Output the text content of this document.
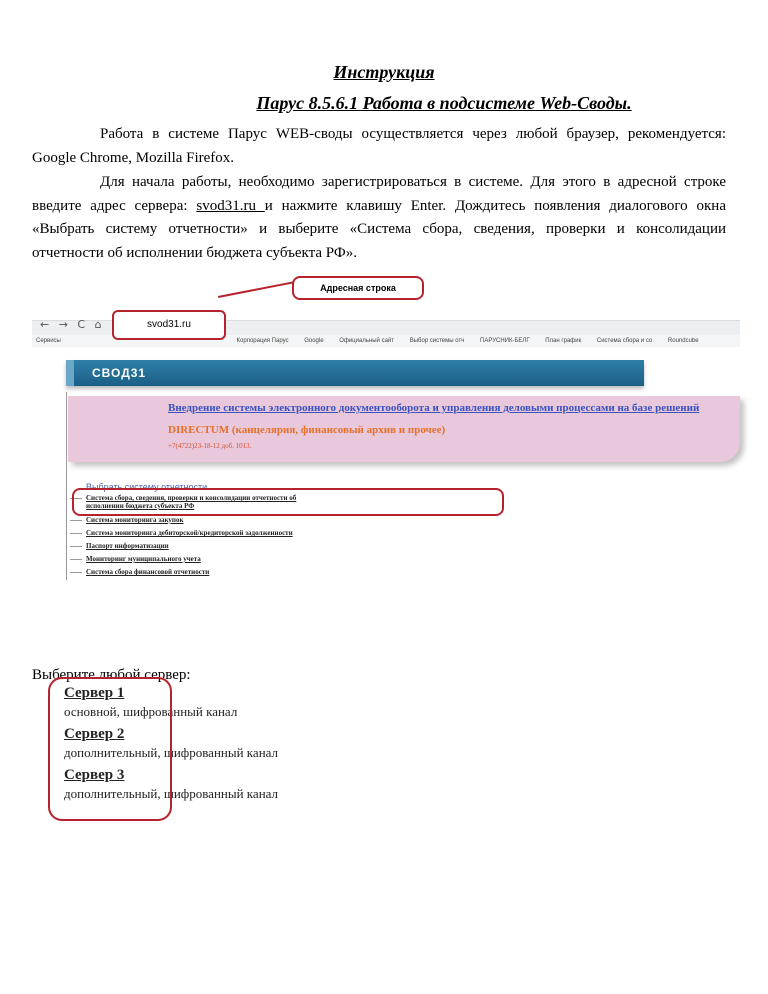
Инструкция
Парус 8.5.6.1 Работа в подсистеме Web-Своды.

Работа в системе Парус WEB-своды осуществляется через любой браузер, рекомендуется: Google Chrome, Mozilla Firefox.

Для начала работы, необходимо зарегистрироваться в системе. Для этого в адресной строке введите адрес сервера: svod31.ru и нажмите клавишу Enter. Дождитесь появления диалогового окна «Выбрать систему отчетности» и выберите «Система сбора, сведения, проверки и консолидации отчетности об исполнении бюджета субъекта РФ».

← → C ⌂
Сервисы	Корпорация Парус	Google	Официальный сайт	Выбор системы отч	ПАРУСНИК-БЕЛГ	План график	Система сбора и со	Roundcube
Адресная строка
svod31.ru
СВОД31
Внедрение системы электронного документооборота и управления деловыми процессами на базе решений
DIRECTUM (канцелярия, финансовый архив и прочее)
+7(4722)23-18-12 доб. 1013.
Выбрать систему отчетности
Система сбора, сведения, проверки и консолидации отчетности об
исполнении бюджета субъекта РФ
Система мониторинга закупок
Система мониторинга дебиторской/кредиторской задолженности
Паспорт информатизации
Мониторинг муниципального учета
Система сбора финансовой отчетности

Выберите любой сервер:

Сервер 1
основной, шифрованный канал
Сервер 2
дополнительный, шифрованный канал
Сервер 3
дополнительный, шифрованный канал
